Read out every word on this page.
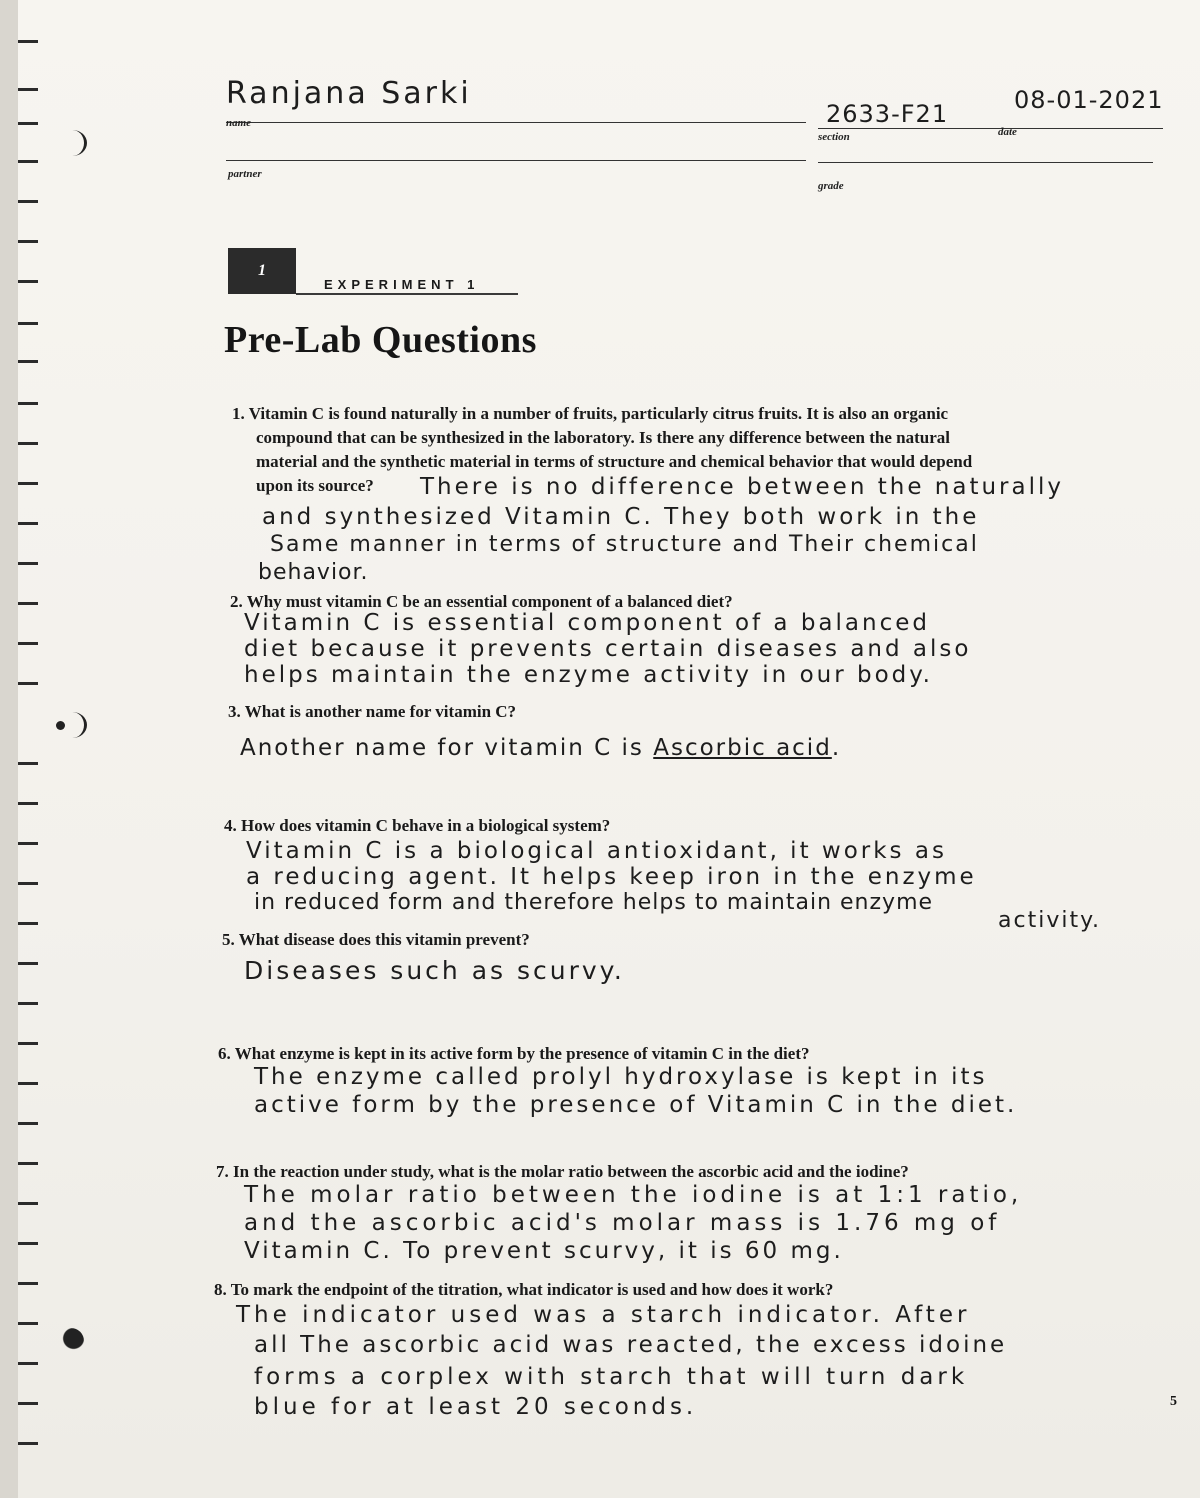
Ranjana Sarki
name	2633-F21	08-01-2021
section	date
partner
grade
1
EXPERIMENT 1
Pre-Lab Questions
1. Vitamin C is found naturally in a number of fruits, particularly citrus fruits. It is also an organic
compound that can be synthesized in the laboratory. Is there any difference between the natural
material and the synthetic material in terms of structure and chemical behavior that would depend
upon its source?	There is no difference between the naturally
and synthesized Vitamin C. They both work in the
Same manner in terms of structure and Their chemical
behavior.
2. Why must vitamin C be an essential component of a balanced diet?
Vitamin C is essential component of a balanced
diet because it prevents certain diseases and also
helps maintain the enzyme activity in our body.
3. What is another name for vitamin C?
Another name for vitamin C is Ascorbic acid.
4. How does vitamin C behave in a biological system?
Vitamin C is a biological antioxidant, it works as
a reducing agent. It helps keep iron in the enzyme
in reduced form and therefore helps to maintain enzyme
activity.
5. What disease does this vitamin prevent?
Diseases such as scurvy.
6. What enzyme is kept in its active form by the presence of vitamin C in the diet?
The enzyme called prolyl hydroxylase is kept in its
active form by the presence of Vitamin C in the diet.
7. In the reaction under study, what is the molar ratio between the ascorbic acid and the iodine?
The molar ratio between the iodine is at 1:1 ratio,
and the ascorbic acid's molar mass is 1.76 mg of
Vitamin C. To prevent scurvy, it is 60 mg.
8. To mark the endpoint of the titration, what indicator is used and how does it work?
The indicator used was a starch indicator. After
all The ascorbic acid was reacted, the excess idoine
forms a corplex with starch that will turn dark
blue for at least 20 seconds.	5
